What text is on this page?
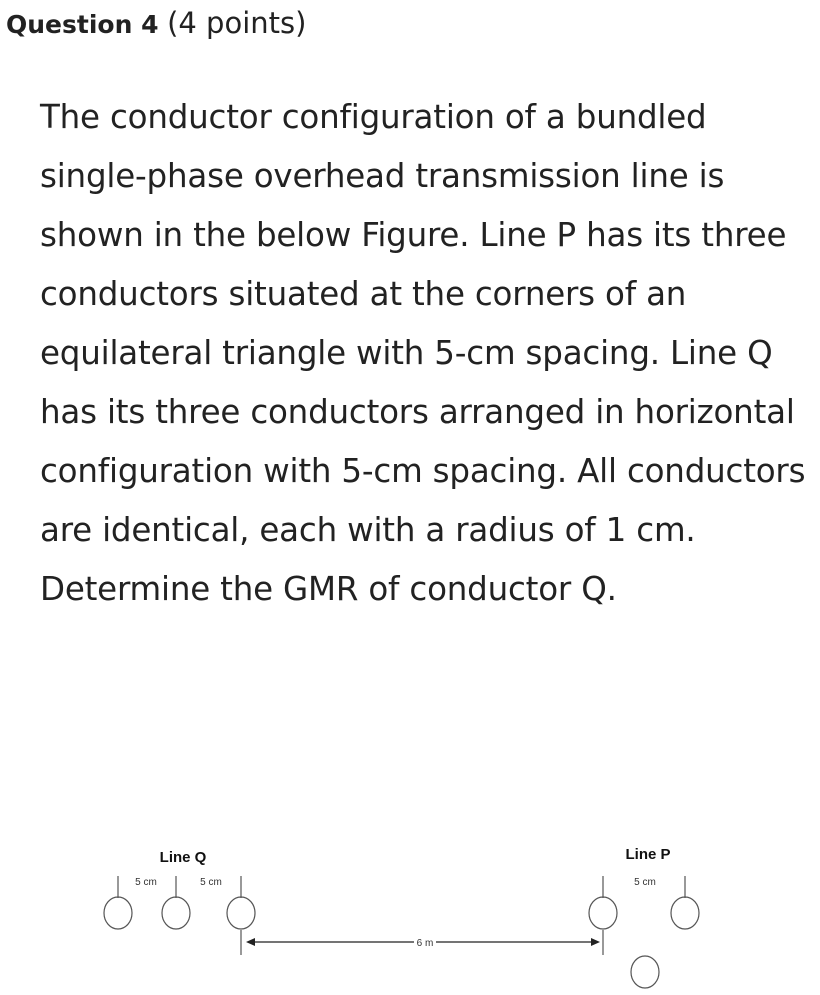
Question 4 (4 points)
The conductor configuration of a bundled single-phase overhead transmission line is shown in the below Figure. Line P has its three conductors situated at the corners of an equilateral triangle with 5-cm spacing. Line Q has its three conductors arranged in horizontal configuration with 5-cm spacing. All conductors are identical, each with a radius of 1 cm. Determine the GMR of conductor Q.
Line Q	Line P
5 cm	5 cm	5 cm
6 m
